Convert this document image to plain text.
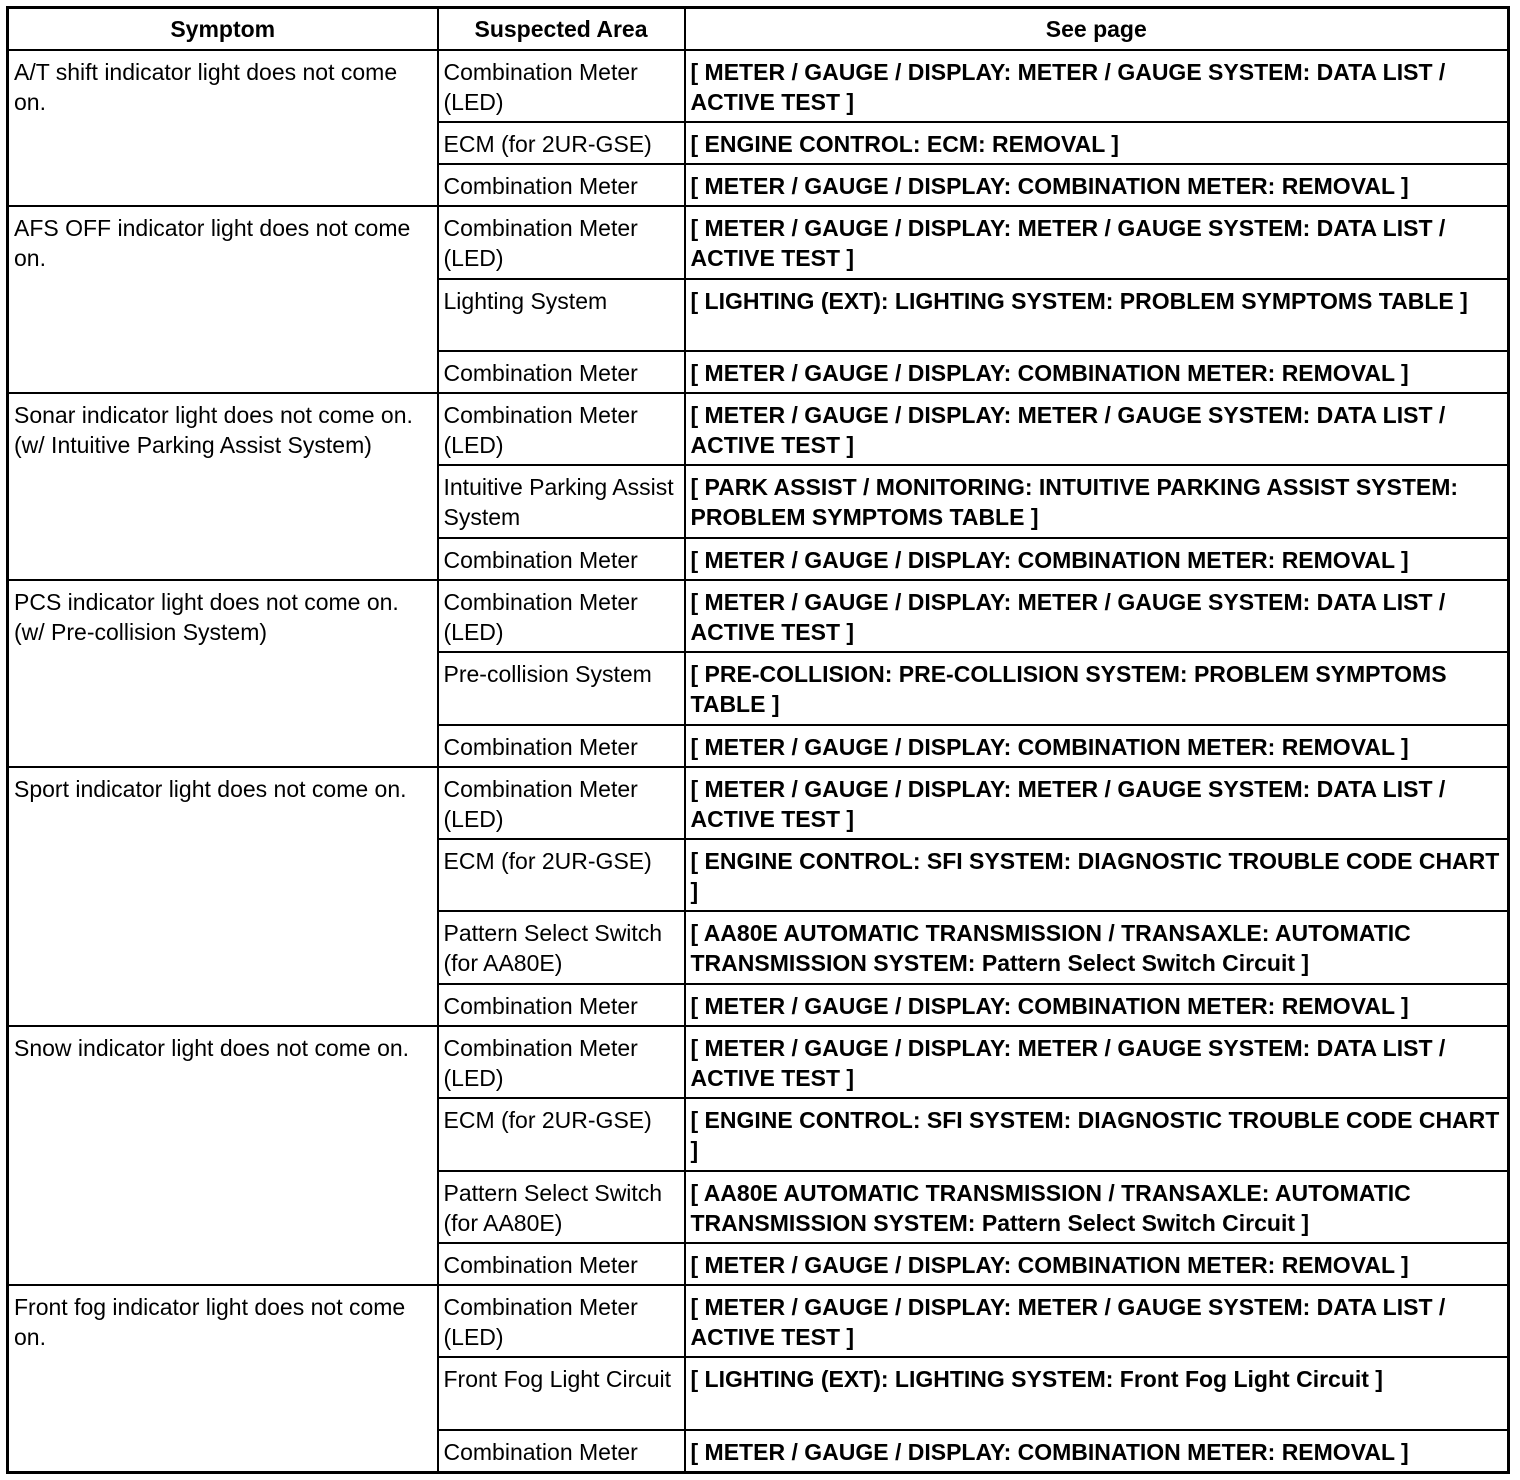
Symptom	Suspected Area	See page
A/T shift indicator light does not come on.	Combination Meter (LED)	[ METER / GAUGE / DISPLAY: METER / GAUGE SYSTEM: DATA LIST / ACTIVE TEST ]
	ECM (for 2UR-GSE)	[ ENGINE CONTROL: ECM: REMOVAL ]
	Combination Meter	[ METER / GAUGE / DISPLAY: COMBINATION METER: REMOVAL ]
AFS OFF indicator light does not come on.	Combination Meter (LED)	[ METER / GAUGE / DISPLAY: METER / GAUGE SYSTEM: DATA LIST / ACTIVE TEST ]
	Lighting System	[ LIGHTING (EXT): LIGHTING SYSTEM: PROBLEM SYMPTOMS TABLE ]
	Combination Meter	[ METER / GAUGE / DISPLAY: COMBINATION METER: REMOVAL ]
Sonar indicator light does not come on. (w/ Intuitive Parking Assist System)	Combination Meter (LED)	[ METER / GAUGE / DISPLAY: METER / GAUGE SYSTEM: DATA LIST / ACTIVE TEST ]
	Intuitive Parking Assist System	[ PARK ASSIST / MONITORING: INTUITIVE PARKING ASSIST SYSTEM: PROBLEM SYMPTOMS TABLE ]
	Combination Meter	[ METER / GAUGE / DISPLAY: COMBINATION METER: REMOVAL ]
PCS indicator light does not come on. (w/ Pre-collision System)	Combination Meter (LED)	[ METER / GAUGE / DISPLAY: METER / GAUGE SYSTEM: DATA LIST / ACTIVE TEST ]
	Pre-collision System	[ PRE-COLLISION: PRE-COLLISION SYSTEM: PROBLEM SYMPTOMS TABLE ]
	Combination Meter	[ METER / GAUGE / DISPLAY: COMBINATION METER: REMOVAL ]
Sport indicator light does not come on.	Combination Meter (LED)	[ METER / GAUGE / DISPLAY: METER / GAUGE SYSTEM: DATA LIST / ACTIVE TEST ]
	ECM (for 2UR-GSE)	[ ENGINE CONTROL: SFI SYSTEM: DIAGNOSTIC TROUBLE CODE CHART ]
	Pattern Select Switch (for AA80E)	[ AA80E AUTOMATIC TRANSMISSION / TRANSAXLE: AUTOMATIC TRANSMISSION SYSTEM: Pattern Select Switch Circuit ]
	Combination Meter	[ METER / GAUGE / DISPLAY: COMBINATION METER: REMOVAL ]
Snow indicator light does not come on.	Combination Meter (LED)	[ METER / GAUGE / DISPLAY: METER / GAUGE SYSTEM: DATA LIST / ACTIVE TEST ]
	ECM (for 2UR-GSE)	[ ENGINE CONTROL: SFI SYSTEM: DIAGNOSTIC TROUBLE CODE CHART ]
	Pattern Select Switch (for AA80E)	[ AA80E AUTOMATIC TRANSMISSION / TRANSAXLE: AUTOMATIC TRANSMISSION SYSTEM: Pattern Select Switch Circuit ]
	Combination Meter	[ METER / GAUGE / DISPLAY: COMBINATION METER: REMOVAL ]
Front fog indicator light does not come on.	Combination Meter (LED)	[ METER / GAUGE / DISPLAY: METER / GAUGE SYSTEM: DATA LIST / ACTIVE TEST ]
	Front Fog Light Circuit	[ LIGHTING (EXT): LIGHTING SYSTEM: Front Fog Light Circuit ]
	Combination Meter	[ METER / GAUGE / DISPLAY: COMBINATION METER: REMOVAL ]
